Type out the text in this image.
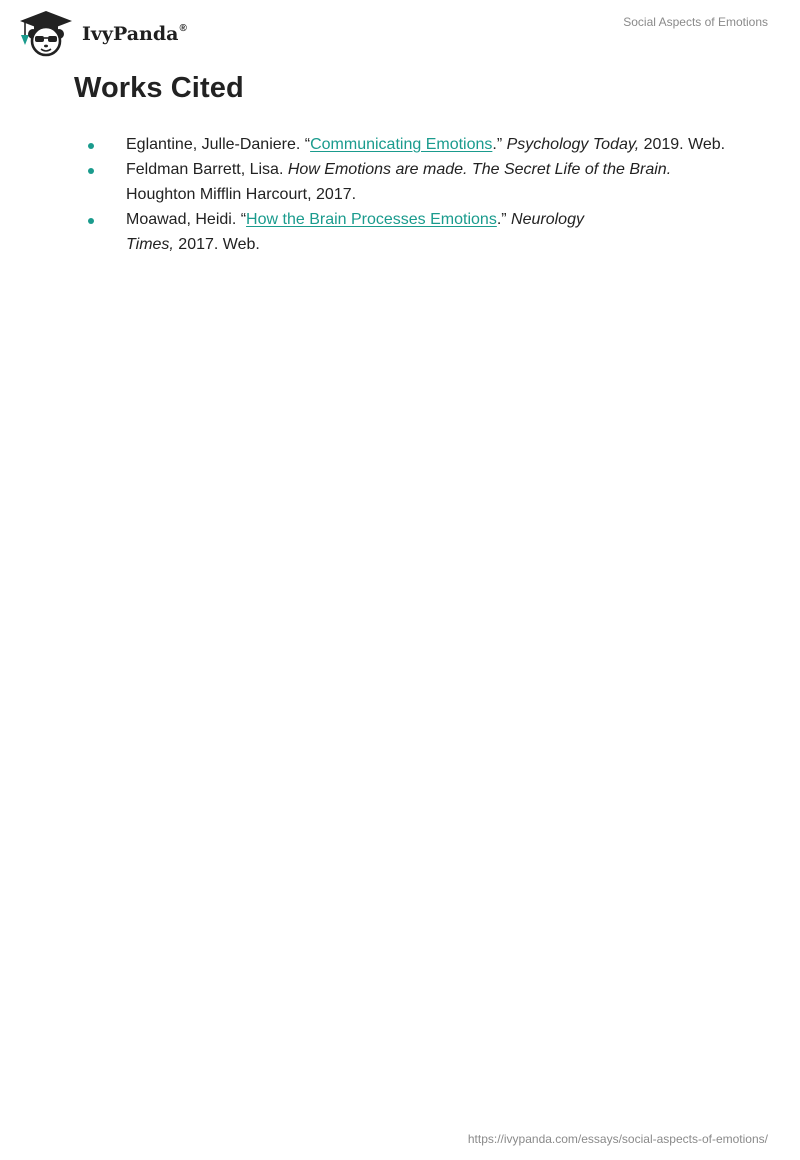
IvyPanda®	Social Aspects of Emotions
Works Cited
Eglantine, Julle-Daniere. “Communicating Emotions.” Psychology Today, 2019. Web.
Feldman Barrett, Lisa. How Emotions are made. The Secret Life of the Brain. Houghton Mifflin Harcourt, 2017.
Moawad, Heidi. “How the Brain Processes Emotions.” Neurology
Times, 2017. Web.
https://ivypanda.com/essays/social-aspects-of-emotions/
